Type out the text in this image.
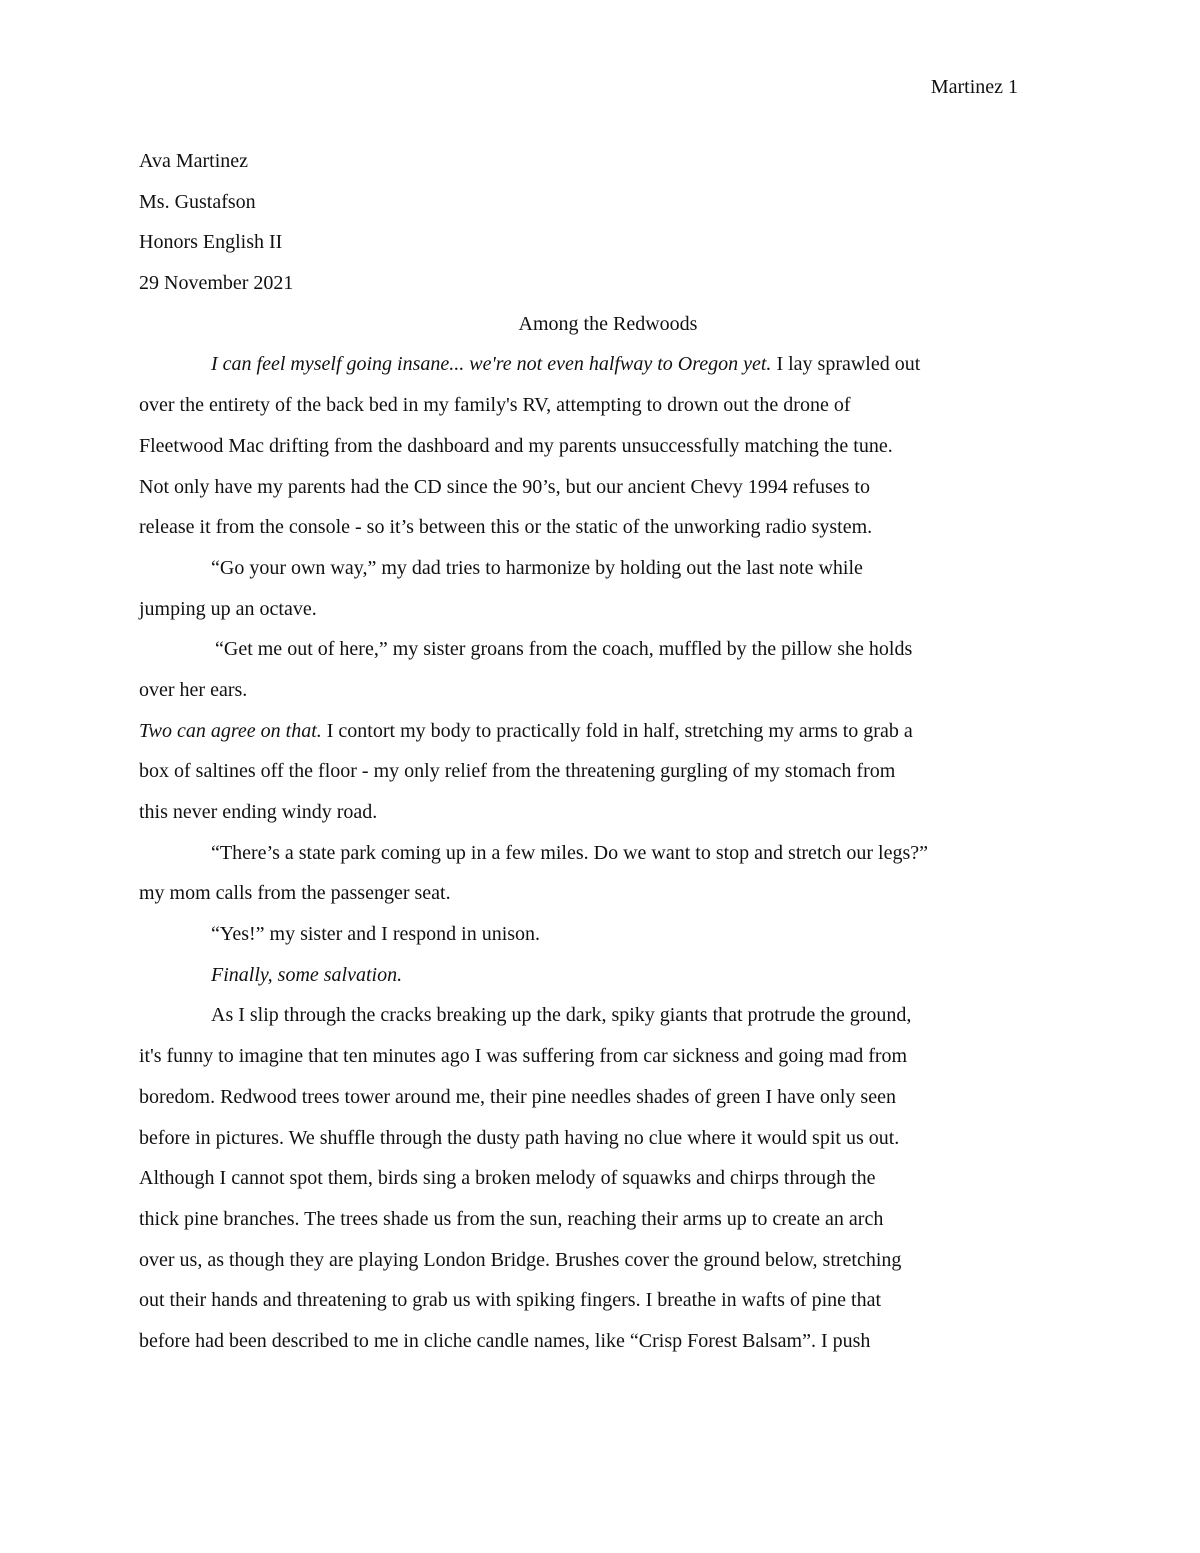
Martinez 1
Ava Martinez
Ms. Gustafson
Honors English II
29 November 2021
Among the Redwoods
I can feel myself going insane... we're not even halfway to Oregon yet. I lay sprawled out
over the entirety of the back bed in my family's RV, attempting to drown out the drone of
Fleetwood Mac drifting from the dashboard and my parents unsuccessfully matching the tune.
Not only have my parents had the CD since the 90’s, but our ancient Chevy 1994 refuses to
release it from the console - so it’s between this or the static of the unworking radio system.
“Go your own way,” my dad tries to harmonize by holding out the last note while
jumping up an octave.
“Get me out of here,” my sister groans from the coach, muffled by the pillow she holds
over her ears.
Two can agree on that. I contort my body to practically fold in half, stretching my arms to grab a
box of saltines off the floor - my only relief from the threatening gurgling of my stomach from
this never ending windy road.
“There’s a state park coming up in a few miles. Do we want to stop and stretch our legs?”
my mom calls from the passenger seat.
“Yes!” my sister and I respond in unison.
Finally, some salvation.
As I slip through the cracks breaking up the dark, spiky giants that protrude the ground,
it's funny to imagine that ten minutes ago I was suffering from car sickness and going mad from
boredom. Redwood trees tower around me, their pine needles shades of green I have only seen
before in pictures. We shuffle through the dusty path having no clue where it would spit us out.
Although I cannot spot them, birds sing a broken melody of squawks and chirps through the
thick pine branches. The trees shade us from the sun, reaching their arms up to create an arch
over us, as though they are playing London Bridge. Brushes cover the ground below, stretching
out their hands and threatening to grab us with spiking fingers. I breathe in wafts of pine that
before had been described to me in cliche candle names, like “Crisp Forest Balsam”. I push
